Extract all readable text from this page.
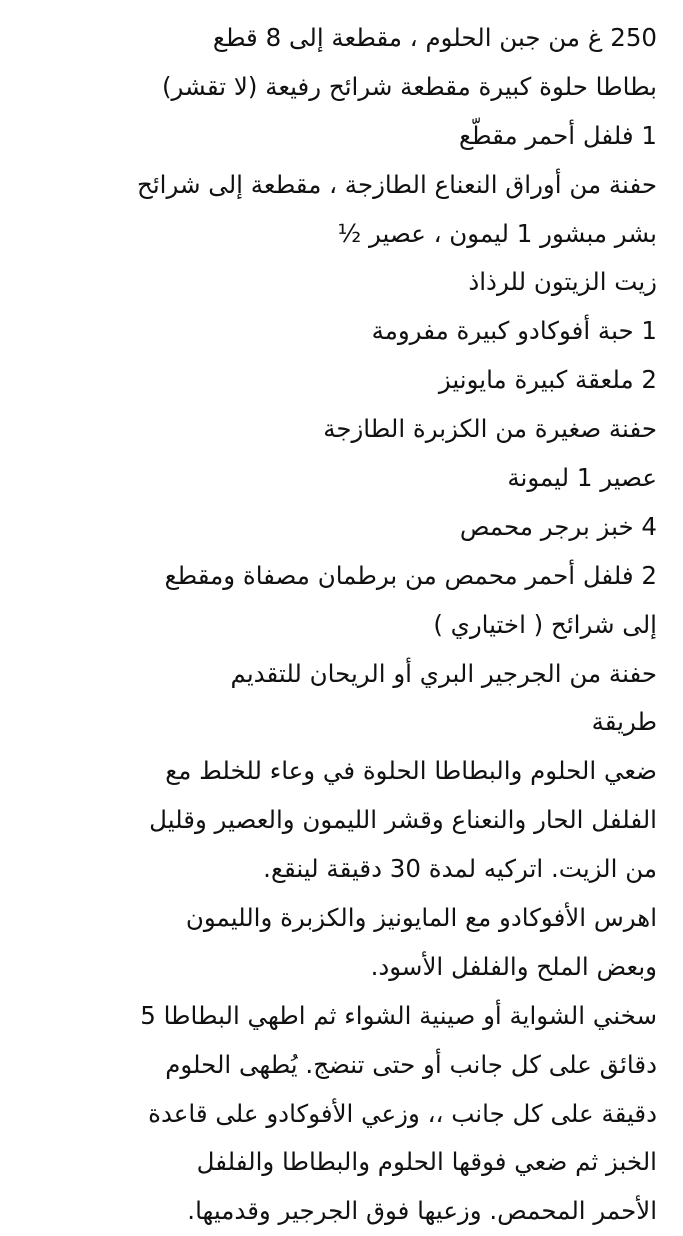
250 غ من جبن الحلوم ، مقطعة إلى 8 قطع
بطاطا حلوة كبيرة مقطعة شرائح رفيعة (لا تقشر)
1 فلفل أحمر مقطّع
حفنة من أوراق النعناع الطازجة ، مقطعة إلى شرائح
بشر مبشور 1 ليمون ، عصير ½
زيت الزيتون للرذاذ
1 حبة أفوكادو كبيرة مفرومة
2 ملعقة كبيرة مايونيز
حفنة صغيرة من الكزبرة الطازجة
عصير 1 ليمونة
4 خبز برجر محمص
2 فلفل أحمر محمص من برطمان مصفاة ومقطع
إلى شرائح ( اختياري )
حفنة من الجرجير البري أو الريحان للتقديم
طريقة
ضعي الحلوم والبطاطا الحلوة في وعاء للخلط مع
الفلفل الحار والنعناع وقشر الليمون والعصير وقليل
من الزيت. اتركيه لمدة 30 دقيقة لينقع.
اهرس الأفوكادو مع المايونيز والكزبرة والليمون
وبعض الملح والفلفل الأسود.
سخني الشواية أو صينية الشواء ثم اطهي البطاطا 5
دقائق على كل جانب أو حتى تنضج. يُطهى الحلوم
دقيقة على كل جانب ،، وزعي الأفوكادو على قاعدة
الخبز ثم ضعي فوقها الحلوم والبطاطا والفلفل
الأحمر المحمص. وزعيها فوق الجرجير وقدميها.
